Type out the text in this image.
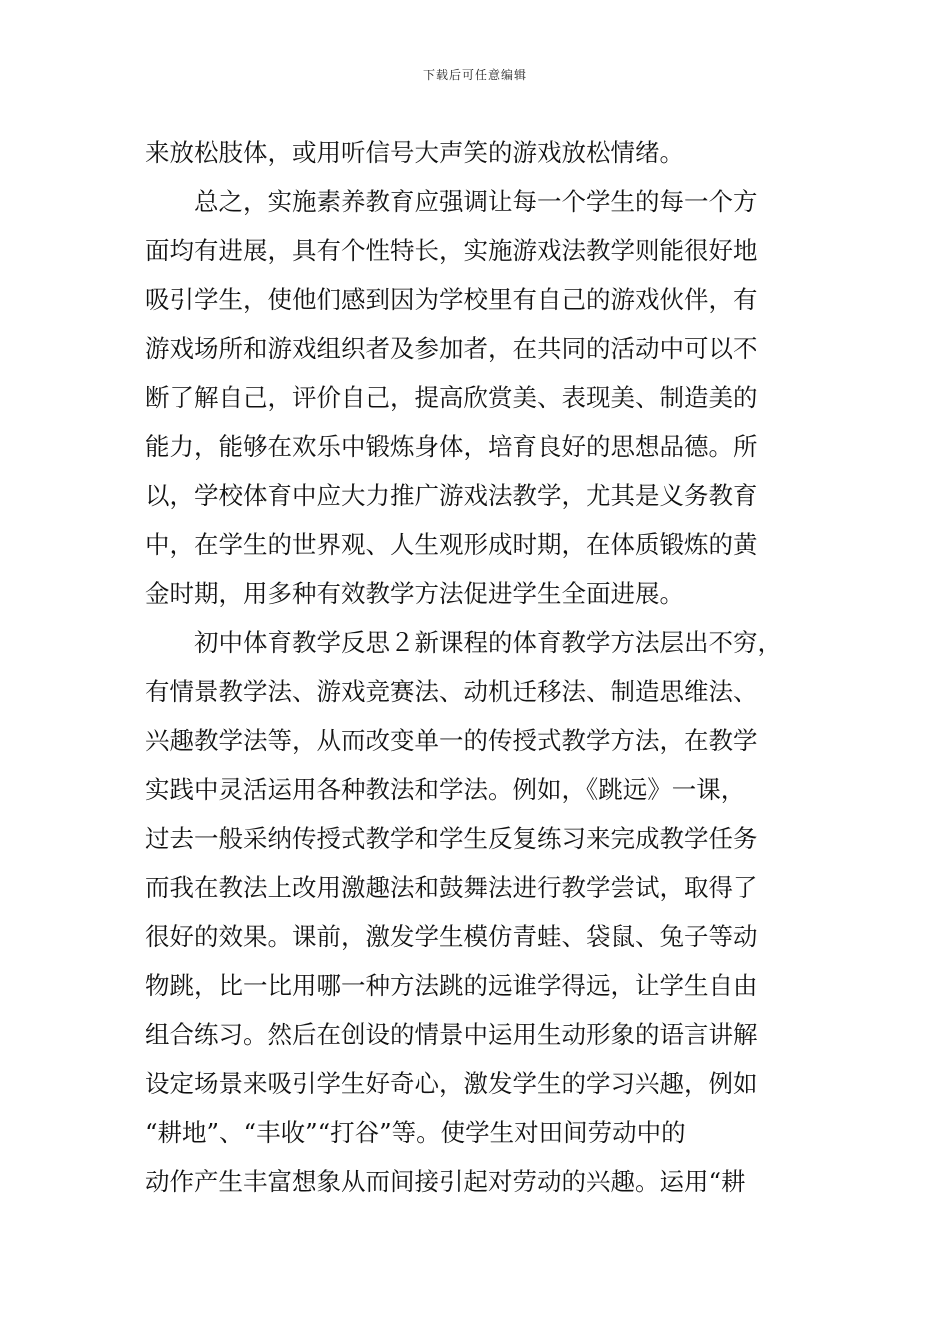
下载后可任意编辑
来放松肢体，或用听信号大声笑的游戏放松情绪。
总之，实施素养教育应强调让每一个学生的每一个方
面均有进展，具有个性特长，实施游戏法教学则能很好地
吸引学生，使他们感到因为学校里有自己的游戏伙伴，有
游戏场所和游戏组织者及参加者，在共同的活动中可以不
断了解自己，评价自己，提高欣赏美、表现美、制造美的
能力，能够在欢乐中锻炼身体，培育良好的思想品德。所
以，学校体育中应大力推广游戏法教学，尤其是义务教育
中，在学生的世界观、人生观形成时期，在体质锻炼的黄
金时期，用多种有效教学方法促进学生全面进展。
初中体育教学反思２新课程的体育教学方法层出不穷，
有情景教学法、游戏竞赛法、动机迁移法、制造思维法、
兴趣教学法等，从而改变单一的传授式教学方法，在教学
实践中灵活运用各种教法和学法。例如，《跳远》一课，
过去一般采纳传授式教学和学生反复练习来完成教学任务
而我在教法上改用激趣法和鼓舞法进行教学尝试，取得了
很好的效果。课前，激发学生模仿青蛙、袋鼠、兔子等动
物跳，比一比用哪一种方法跳的远谁学得远，让学生自由
组合练习。然后在创设的情景中运用生动形象的语言讲解
设定场景来吸引学生好奇心，激发学生的学习兴趣，例如
“耕地”、“丰收”“打谷”等。使学生对田间劳动中的
动作产生丰富想象从而间接引起对劳动的兴趣。运用“耕
